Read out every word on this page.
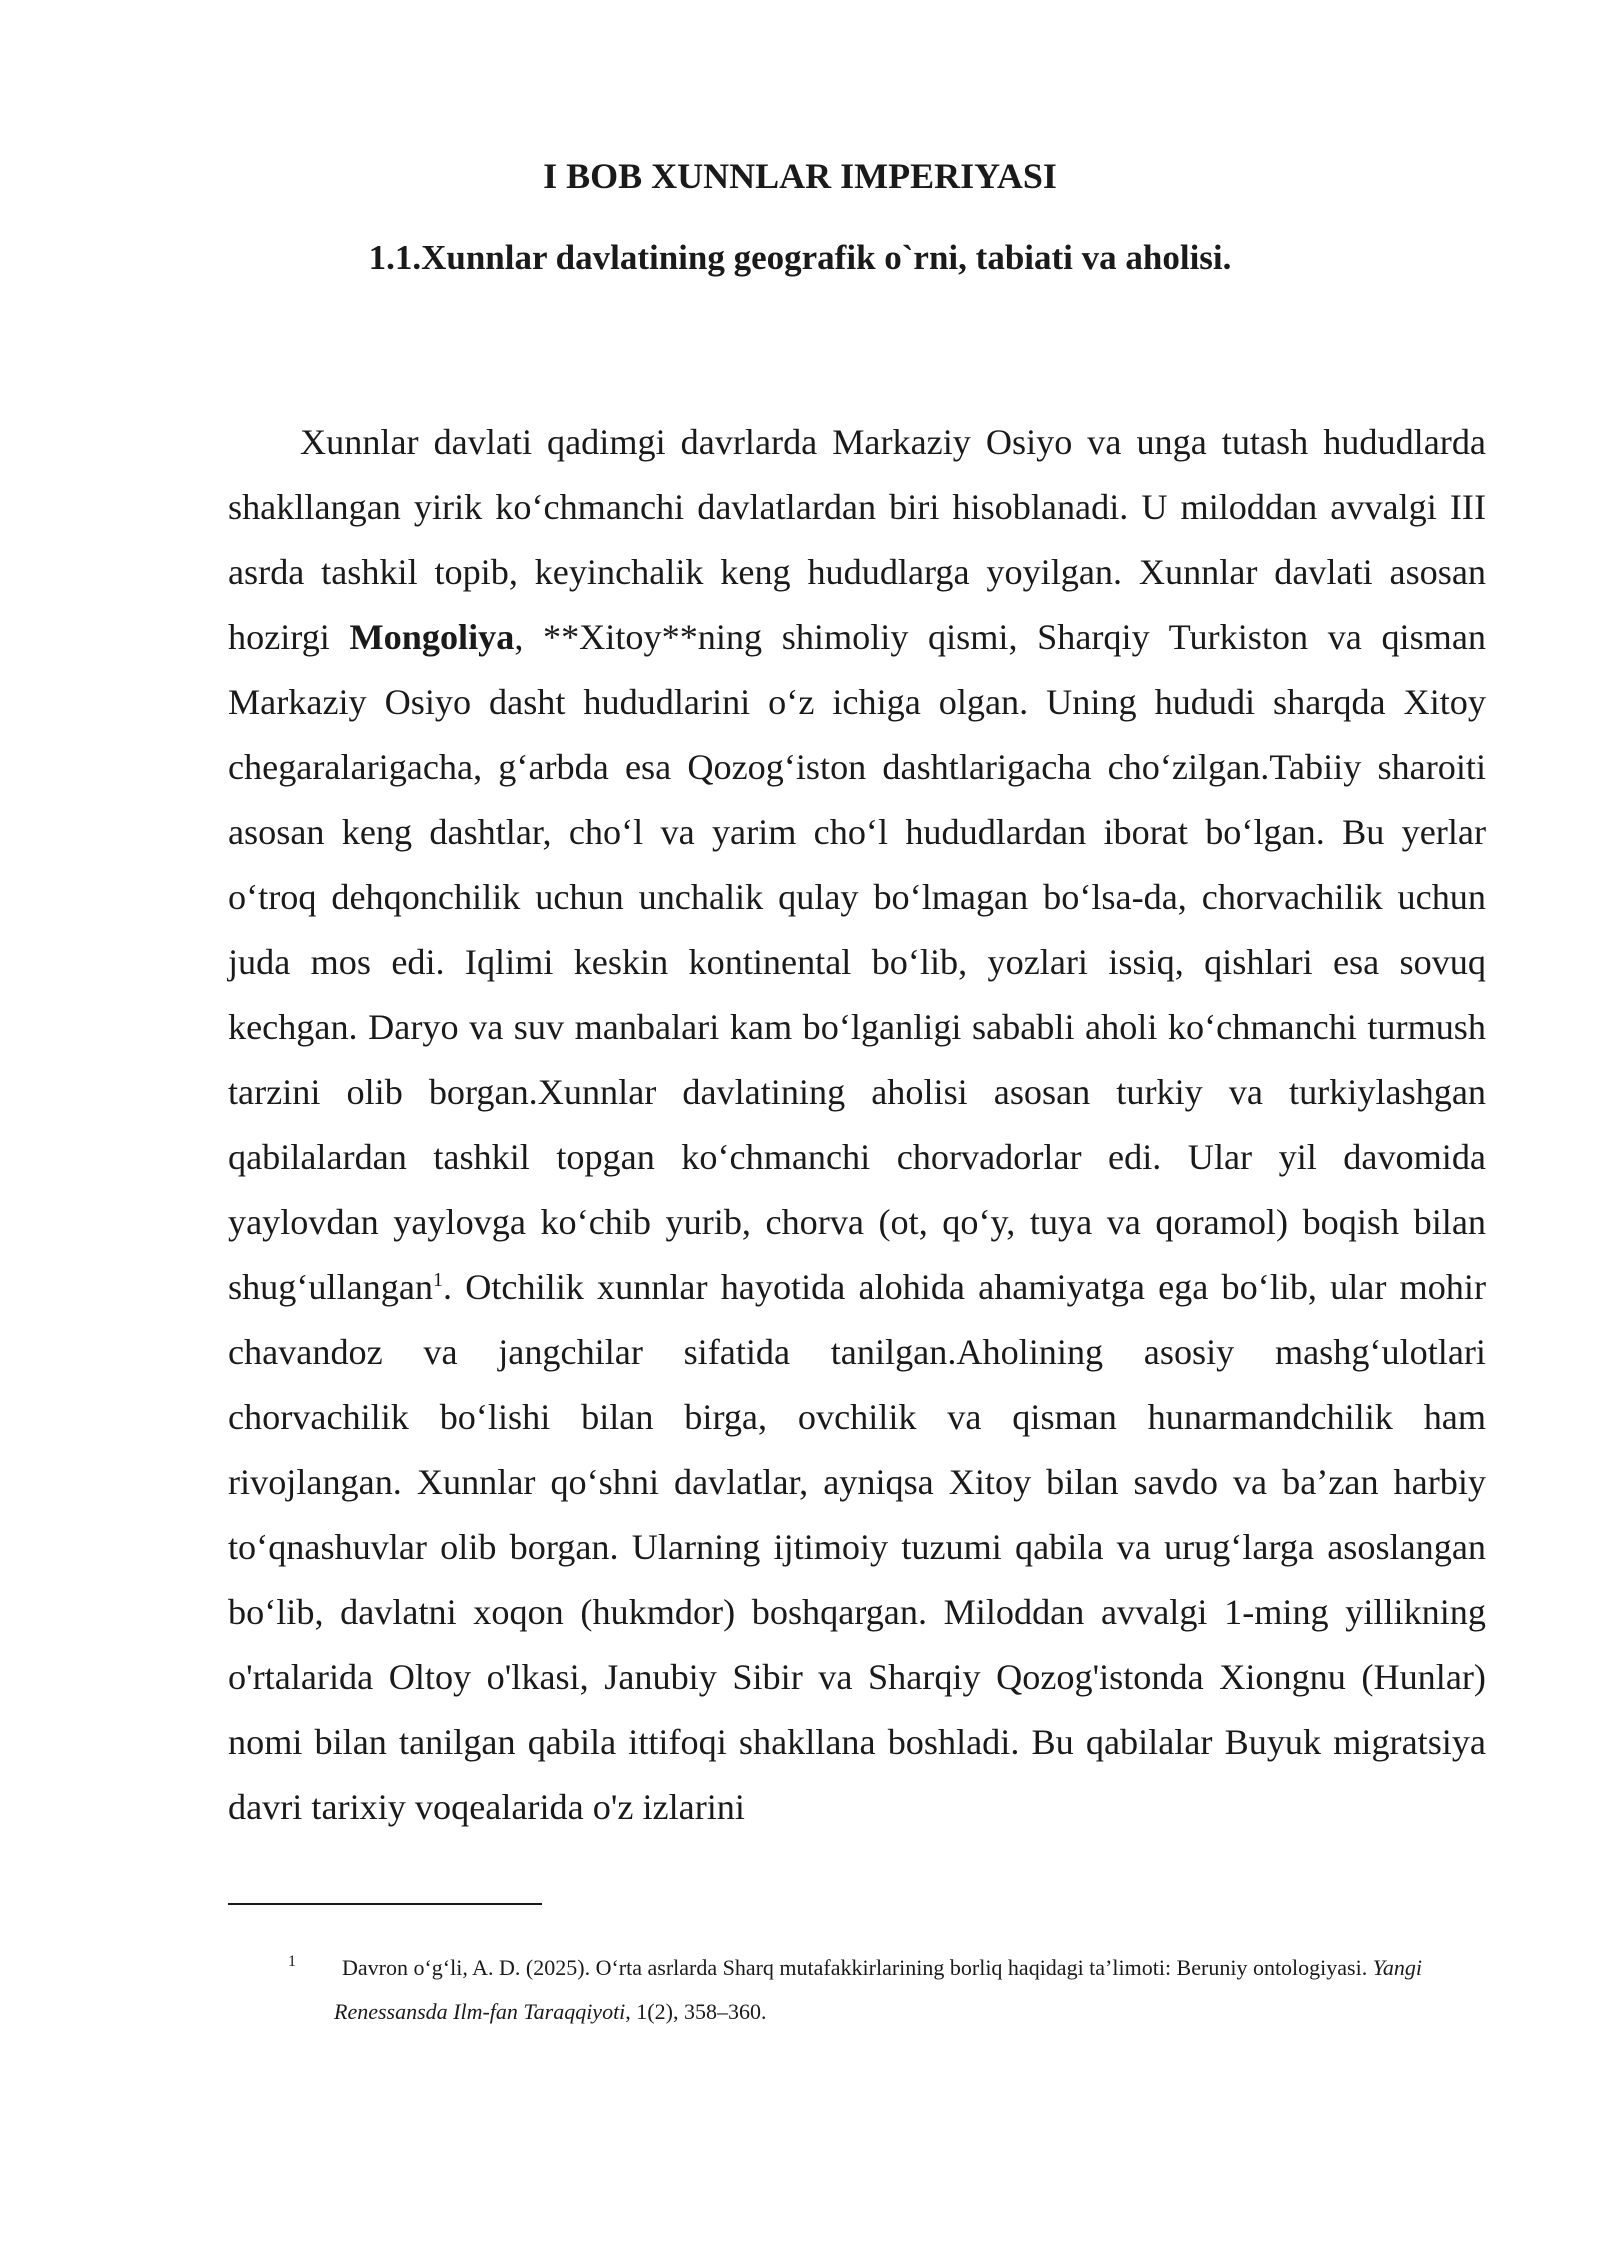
I BOB XUNNLAR IMPERIYASI
1.1.Xunnlar davlatining geografik o`rni, tabiati va aholisi.

Xunnlar davlati qadimgi davrlarda Markaziy Osiyo va unga tutash hududlarda shakllangan yirik ko‘chmanchi davlatlardan biri hisoblanadi. U miloddan avvalgi III asrda tashkil topib, keyinchalik keng hududlarga yoyilgan. Xunnlar davlati asosan hozirgi Mongoliya, **Xitoy**ning shimoliy qismi, Sharqiy Turkiston va qisman Markaziy Osiyo dasht hududlarini o‘z ichiga olgan. Uning hududi sharqda Xitoy chegaralarigacha, g‘arbda esa Qozog‘iston dashtlarigacha cho‘zilgan.Tabiiy sharoiti asosan keng dashtlar, cho‘l va yarim cho‘l hududlardan iborat bo‘lgan. Bu yerlar o‘troq dehqonchilik uchun unchalik qulay bo‘lmagan bo‘lsa-da, chorvachilik uchun juda mos edi. Iqlimi keskin kontinental bo‘lib, yozlari issiq, qishlari esa sovuq kechgan. Daryo va suv manbalari kam bo‘lganligi sababli aholi ko‘chmanchi turmush tarzini olib borgan.Xunnlar davlatining aholisi asosan turkiy va turkiylashgan qabilalardan tashkil topgan ko‘chmanchi chorvadorlar edi. Ular yil davomida yaylovdan yaylovga ko‘chib yurib, chorva (ot, qo‘y, tuya va qoramol) boqish bilan shug‘ullangan$^1$. Otchilik xunnlar hayotida alohida ahamiyatga ega bo‘lib, ular mohir chavandoz va jangchilar sifatida tanilgan.Aholining asosiy mashg‘ulotlari chorvachilik bo‘lishi bilan birga, ovchilik va qisman hunarmandchilik ham rivojlangan. Xunnlar qo‘shni davlatlar, ayniqsa Xitoy bilan savdo va ba’zan harbiy to‘qnashuvlar olib borgan. Ularning ijtimoiy tuzumi qabila va urug‘larga asoslangan bo‘lib, davlatni xoqon (hukmdor) boshqargan. Miloddan avvalgi 1-ming yillikning o'rtalarida Oltoy o'lkasi, Janubiy Sibir va Sharqiy Qozog'istonda Xiongnu (Hunlar) nomi bilan tanilgan qabila ittifoqi shakllana boshladi. Bu qabilalar Buyuk migratsiya davri tarixiy voqealarida o'z izlarini

1	Davron o‘g‘li, A. D. (2025). O‘rta asrlarda Sharq mutafakkirlarining borliq haqidagi ta’limoti: Beruniy ontologiyasi. Yangi Renessansda Ilm-fan Taraqqiyoti, 1(2), 358–360.
